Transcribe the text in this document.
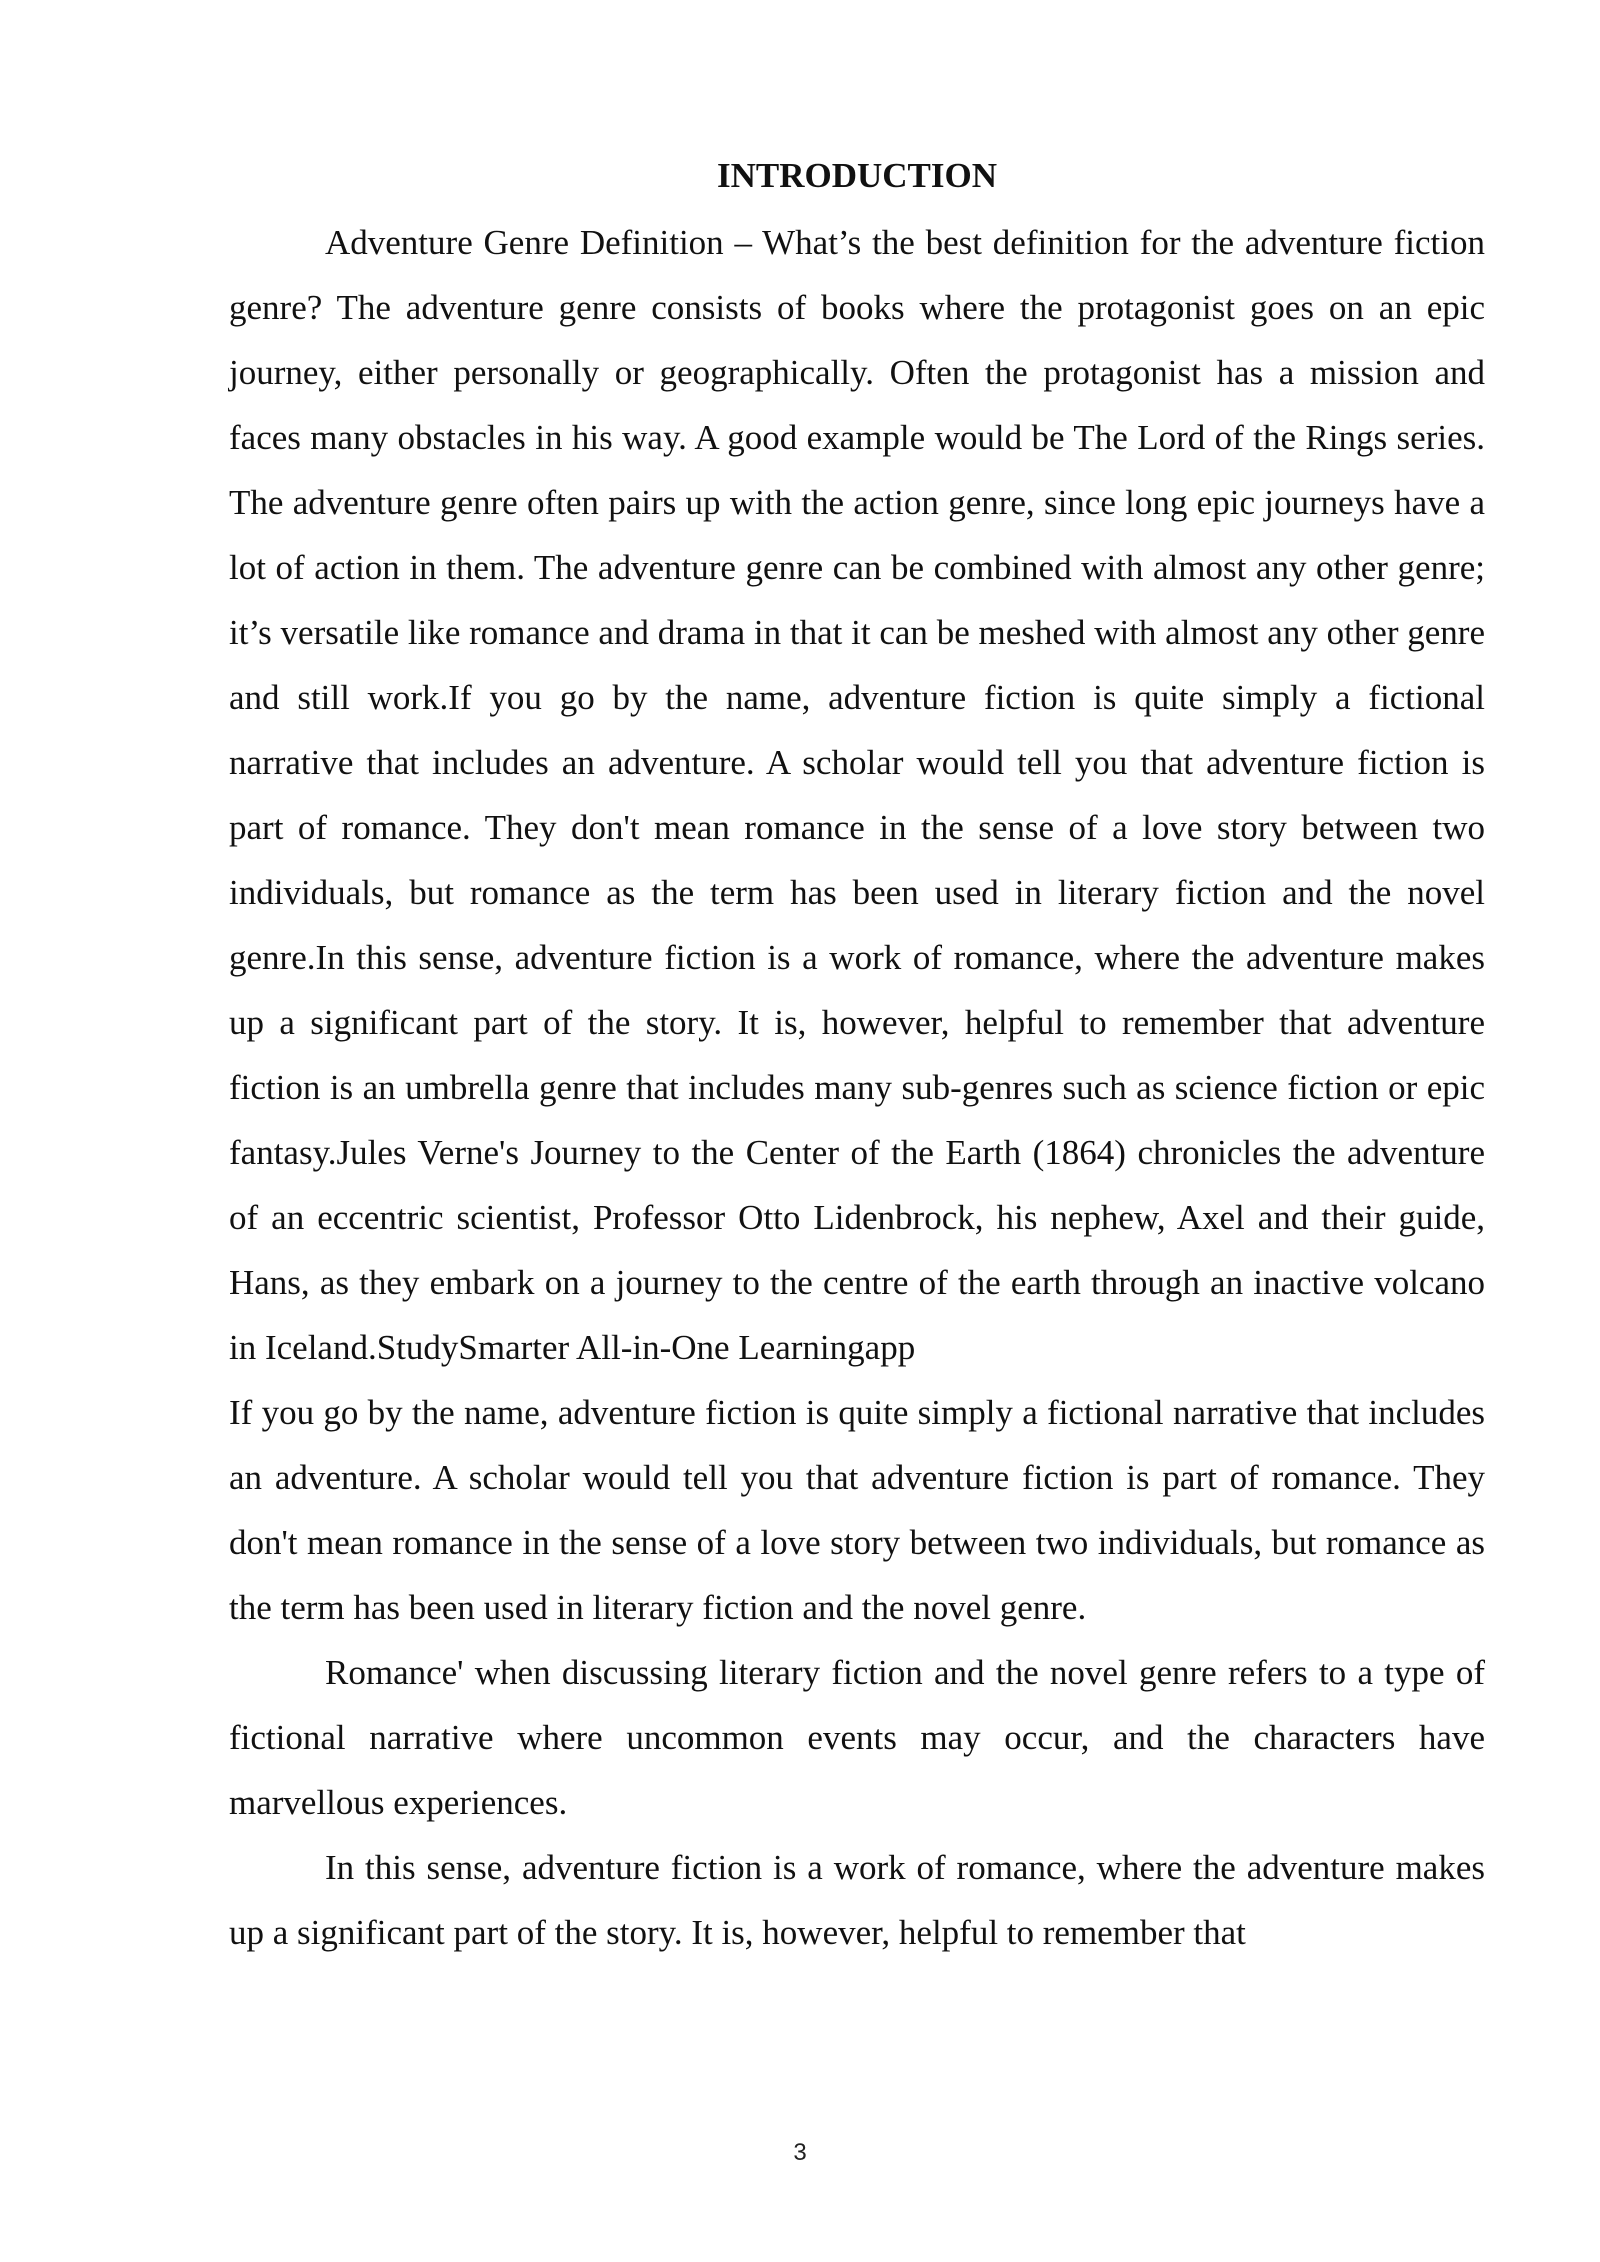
INTRODUCTION

Adventure Genre Definition – What’s the best definition for the adventure fiction genre? The adventure genre consists of books where the protagonist goes on an epic journey, either personally or geographically. Often the protagonist has a mission and faces many obstacles in his way. A good example would be The Lord of the Rings series. The adventure genre often pairs up with the action genre, since long epic journeys have a lot of action in them. The adventure genre can be combined with almost any other genre; it’s versatile like romance and drama in that it can be meshed with almost any other genre and still work.If you go by the name, adventure fiction is quite simply a fictional narrative that includes an adventure. A scholar would tell you that adventure fiction is part of romance. They don't mean romance in the sense of a love story between two individuals, but romance as the term has been used in literary fiction and the novel genre.In this sense, adventure fiction is a work of romance, where the adventure makes up a significant part of the story. It is, however, helpful to remember that adventure fiction is an umbrella genre that includes many sub-genres such as science fiction or epic fantasy.Jules Verne's Journey to the Center of the Earth (1864) chronicles the adventure of an eccentric scientist, Professor Otto Lidenbrock, his nephew, Axel and their guide, Hans, as they embark on a journey to the centre of the earth through an inactive volcano in Iceland.StudySmarter All-in-One Learningapp

If you go by the name, adventure fiction is quite simply a fictional narrative that includes an adventure. A scholar would tell you that adventure fiction is part of romance. They don't mean romance in the sense of a love story between two individuals, but romance as the term has been used in literary fiction and the novel genre.

Romance' when discussing literary fiction and the novel genre refers to a type of fictional narrative where uncommon events may occur, and the characters have marvellous experiences.

In this sense, adventure fiction is a work of romance, where the adventure makes up a significant part of the story. It is, however, helpful to remember that

3
